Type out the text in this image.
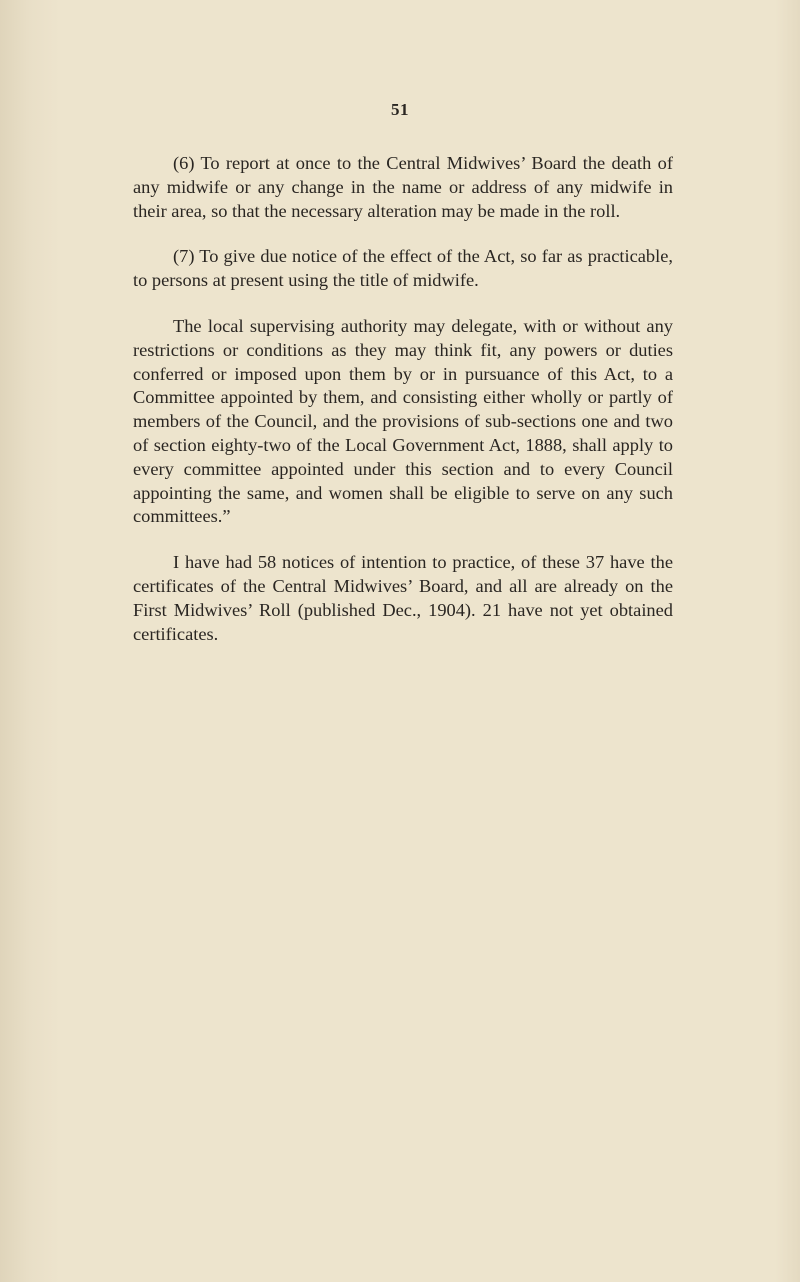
51

(6) To report at once to the Central Midwives’ Board the death of any midwife or any change in the name or address of any midwife in their area, so that the necessary alteration may be made in the roll.

(7) To give due notice of the effect of the Act, so far as practicable, to persons at present using the title of midwife.

The local supervising authority may delegate, with or without any restrictions or conditions as they may think fit, any powers or duties conferred or imposed upon them by or in pursuance of this Act, to a Committee appointed by them, and consisting either wholly or partly of members of the Council, and the provisions of sub-sections one and two of section eighty-two of the Local Government Act, 1888, shall apply to every committee appointed under this section and to every Council appointing the same, and women shall be eligible to serve on any such committees.”

I have had 58 notices of intention to practice, of these 37 have the certificates of the Central Midwives’ Board, and all are already on the First Midwives’ Roll (published Dec., 1904). 21 have not yet obtained certificates.
